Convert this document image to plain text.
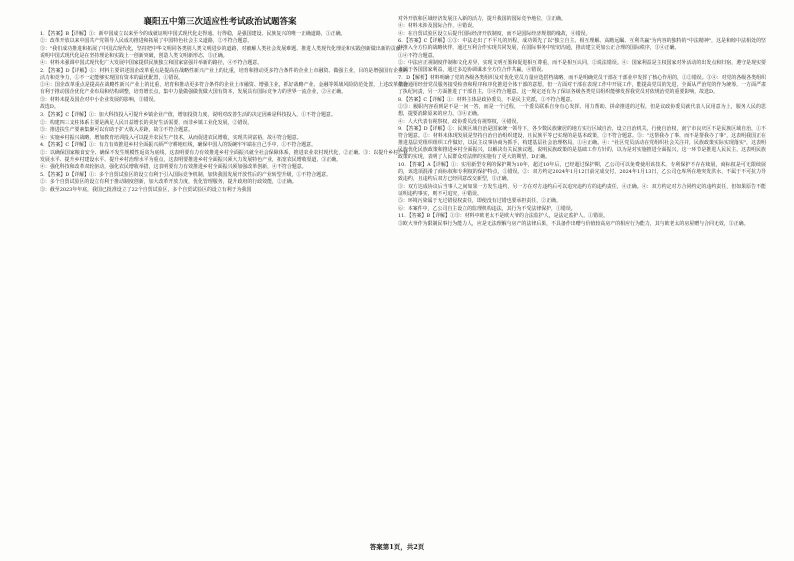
襄阳五中第三次适应性考试政治试题答案

1．【答案】B【详解】①：新中国成立以来至今的成就证明中国式现代化走得通、行得稳，是强国建设、民族复兴的唯一正确道路，①正确。

②：改革开放以来中国共产党领导人民成功推进和拓展了中国特色社会主义道路，②不符合题意。

③："我们成功推进和拓展了中国式现代化，坚持把中华文明同各类别人类文明进步的道路，对被解人类社会发展难题、推进人类现代化理论和实践创新做出新的贡献"，说明中国式现代化是在坚持理论和实践上一创新突破，创造人类文明新形态，③正确。

④：材料未强调中国式现代化广大发展中国家提供民族独立和国家富强并举新的路径，④不符合题意。

2．【答案】D【详解】①：材料主要讲述国企改革重点是提高在战略性新兴产业上的比重，培育和推动更多符合条件的企业上市融资、做强主业，目的是增强国有企业的活力和竞争力，①不一定能够实现国有资本的最优配置，①错误。

②④：国企改革重点是提高在战略性新兴产业上的比重，培育和推动更多符合条件的企业上市融资、增强主业，抓好战略产业、金融等领域风险防范处置，上述改革措施有利于推动国企优化产业布局和结构调整，培育增长点，集中力量做强做优做大国有资本，发展具有国际竞争力的世界一流企业，②④正确。

③：材料未提及国企对中小企业发展的影响，③错误。

故选D。

3．【答案】C【详解】①：加大科技投入可提升乡镇企业产值，增加投资力度，说明对改善生活的决定因素是科技投入，①不符合题意。

②：构建四三支柱体系主要是满足人民日益增长的美好生活需要，而非乡镇工业化发展，②错误。

③：推进扶生产要素集聚可以有助于扩大收入差距，故③不符合题意。

④：实施乡村振兴战略，增加教育培训投入可以提升农民生产技术，从而促进农民增收，实现共同富裕，故④符合题意。

4．【答案】C【详解】①：有力有效推进乡村全面振兴须严守耕地红线，确保中国人的饭碗牢牢端在自己手中，①不符合题意。

②：以确保国家粮食安全、确保不发生规模性返贫为底线，这表明要有力有效推进乡村全面振兴就全社会保障体系，推进农业农村现代化，②正确。③：以提升乡村产业发展水平、提升乡村建设水平、提升乡村治理水平为重点，这表明要推进乡村全面振兴须大力发展特色产业，拓宽农民增收渠道，③正确。

④：强化科技和改革双轮驱动，强化农民增收举措，这表明要有力有效推进乡村全面振兴须加强改革创新，④不符合题意。

5．【答案】D【详解】①：多个自贸试验区的设立有利于引入国际竞争机制，加快我国发展开放性后的产业转型升级，①不符合题意。

②：多个自贸试验区的设立有利于推动制度创新，加大改革开放力度，优化管理服务，提升政府的行政效能，②正确。

③：截至2023年年底，我国已批准设立了22个自贸试验区，多个自贸试验区的设立有利于为我国

对外开放和区域经济发展注入新的活力，提升我国的国际竞争地位，③正确。

④：材料未涉及国际合作，④错误。

④：在自贸试验区设立后提升国际经济开放制度，而不是国际经济规划的缘故，④错误。

6．【答案】C【详解】①③：中法走出了不平凡的历程，成功领先了以"独立自主、相互理解、高瞻远瞩、互利共赢"为内容的独特的"中法精神"，这是和睦中法相处的坚持推入全方位的战略伙伴，通过互利合作实现共同发展，在国际事务中密切沟通，推动建立更加公正合理的国际秩序，③④正确。

①④不符合题意。

②：中法应正视制度伴制和文化差异，实现文明互鉴和促进相互尊重，而不是相互认同，②说法错误。④：国家利益是主权国家对外活动的出发点和归宿，遵守是现实要求属于各国国家利益，通过多边协调谋求全方位合作共赢，④错误。

7．D【解析】材料明确了党的各级各类组织及对优化党员力量应选搭档战略，而不是明确党员干部在干部业中发挥了核心作用的，①②错误。③④：对党的各级各类组织依合通用经营党员服务接受检查和程序和序化推进全体干部的意愿，但一方面对干部在表现工作中开展工作，能提高党员的先进，全面从严治党的作为统筹，一方面严肃了执纪问责，另一方面推进了干部自主，③④符合题意。这一规定还有为了保证各级各类党员组织能够发挥我党员对依规治党的重要影响，故选D。

8．【答案】C【详解】①：材料主体是政协委员，不是民主党派，①不符合题意。

②③：履职内容看到是不是一问一答，而是一个过程，一个委员联系自身有心发挥、用力帮助、拼命推进的过程，但是议政协委员就代表人民用意为上，服务人民的思想，提要消除原来的应力，③④正确。

④：人大代表有视察权，政协委员没有视察权，④错误。

9．【答案】D【详解】①：民族区域自治是国家统一领导下，各少数民族聚居的地方实行区域自治，设立自治机关，行使自治权，南宁市良庆区不是民族区域自治，①不符合题意。②：材料未体现发展是坚持自治自治组织建设，且民族平等已实现的是基本政策，②不符合题意。③："这帮我办了事，而不是帮我办了事"，这表明我国正在推进基层党组织组织工作做好，以民主议事协商为抓手，构建基层社会治理格局，①④正确。④："社区党员活动在党组织社会关注并，民族政策实际实现落实"，这表明民族优化民族政策和推进乡村全面振兴，以解决有关民族议题，说明民族政策的是基础工作方针的，以为是对实施推进全面振兴，这一环节是推进人民民主，这表明民族政策的实现，表明了人民群众对法律的实施有了更大的期望，D正确。

10．【答案】A【详解】①：实用新型专利的保护期为10年，超过10年后，已经超过保护期，乙公司可以免费使用该技术。专利保护不存在续展，商标权是可无限续展的，该选项混淆了商标权和专利权的保护特点，①错误。②：双方约定2024年1月12日前完成交付，2024年1月13日，乙公司仓库所在地突发洪水，不属于不可抗力导致违约，且违约后双方已经同意改交新型，③正确。

③：双方达成协议后当事人之间如果一方发生违约，另一方在对方违约后可以追究违约方的违约责任，④正确。④：双方约定对方合同约定的违约责任，但如果原告不能证明违约事实，则不可追究，④错误。

⑤：环境污染属于无过错侵权责任，即使没有过错也要承担责任，②正确。

⑥：本案件中，乙公司自主设立的监理机构违法，其行为不受法律保护，①错误。

11．【答案】B【详解】①③：材料中欧老太不是欧大爷的合法监护人，是法定监护人，①错误。

③欧大爷作为限制民事行为能力人，应是无法理解与房产的法律后果，不具备作出赠与价值较高房产的相应行为能力，其与欧老太的房屋赠与合同无效，③正确。

答案第1页，共2页
